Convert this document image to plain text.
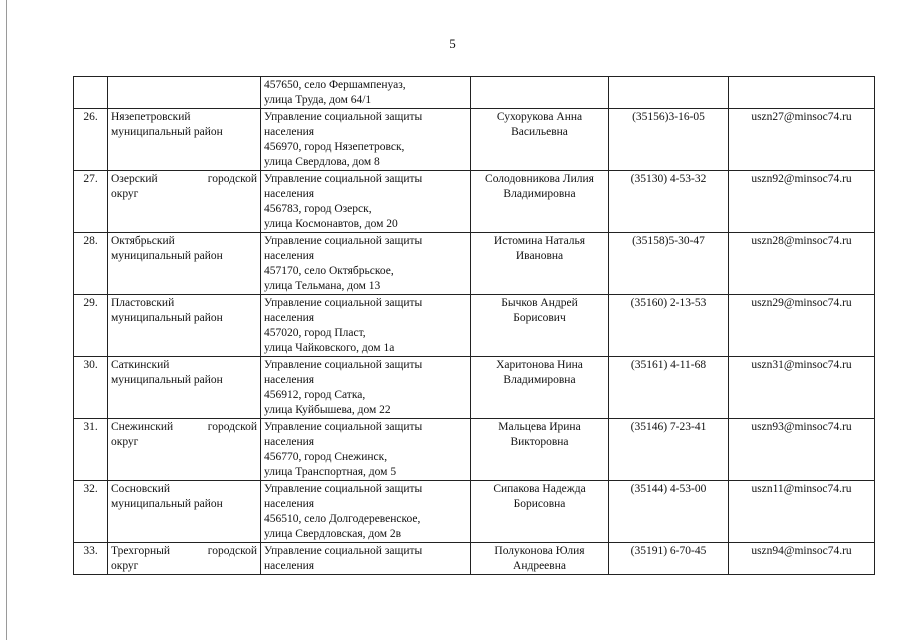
5

		457650, село Фершампенуаз,
улица Труда, дом 64/1			

26.	Нязепетровский
муниципальный район	Управление социальной защиты
населения
456970, город Нязепетровск,
улица Свердлова, дом 8	Сухорукова Анна
Васильевна	(35156)3-16-05	uszn27@minsoc74.ru
27.	Озерский городской
округ	Управление социальной защиты
населения
456783, город Озерск,
улица Космонавтов, дом 20	Солодовникова Лилия
Владимировна	(35130) 4-53-32	uszn92@minsoc74.ru
28.	Октябрьский
муниципальный район	Управление социальной защиты
населения
457170, село Октябрьское,
улица Тельмана, дом 13	Истомина Наталья
Ивановна	(35158)5-30-47	uszn28@minsoc74.ru
29.	Пластовский
муниципальный район	Управление социальной защиты
населения
457020, город Пласт,
улица Чайковского, дом 1а	Бычков Андрей
Борисович	(35160) 2-13-53	uszn29@minsoc74.ru
30.	Саткинский
муниципальный район	Управление социальной защиты
населения
456912, город Сатка,
улица Куйбышева, дом 22	Харитонова Нина
Владимировна	(35161) 4-11-68	uszn31@minsoc74.ru
31.	Снежинский городской
округ	Управление социальной защиты
населения
456770, город Снежинск,
улица Транспортная, дом 5	Мальцева Ирина
Викторовна	(35146) 7-23-41	uszn93@minsoc74.ru
32.	Сосновский
муниципальный район	Управление социальной защиты
населения
456510, село Долгодеревенское,
улица Свердловская, дом 2в	Сипакова Надежда
Борисовна	(35144) 4-53-00	uszn11@minsoc74.ru
33.	Трехгорный городской
округ	Управление социальной защиты
населения	Полуконова Юлия
Андреевна	(35191) 6-70-45	uszn94@minsoc74.ru
